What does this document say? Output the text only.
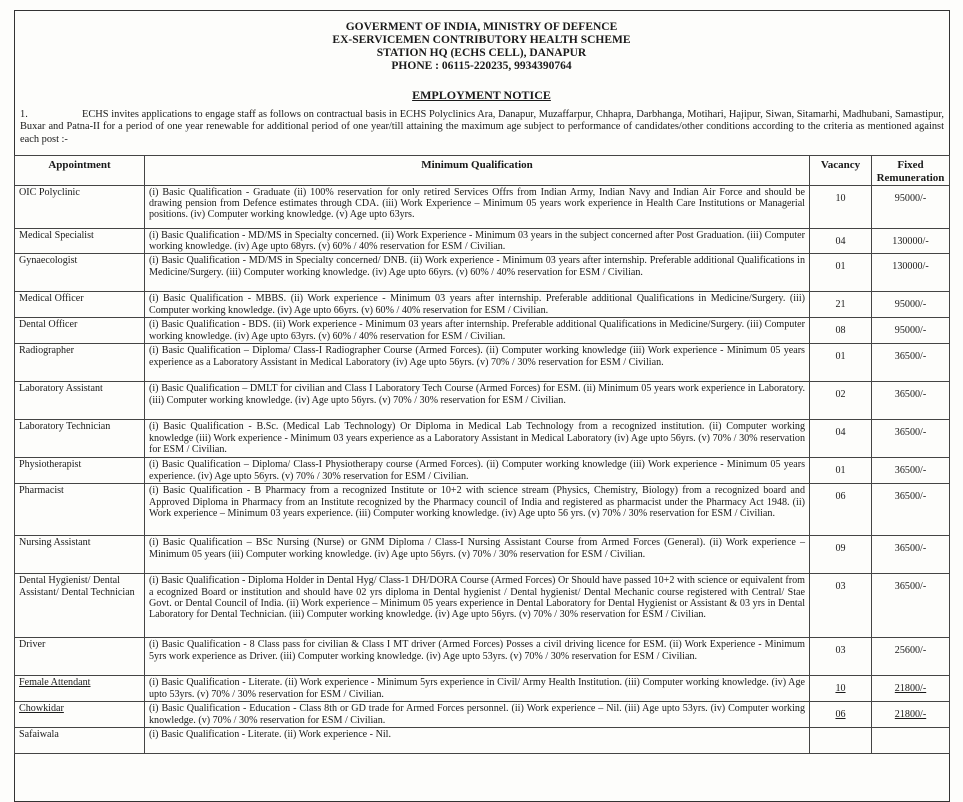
GOVERMENT OF INDIA, MINISTRY OF DEFENCE
EX-SERVICEMEN CONTRIBUTORY HEALTH SCHEME
STATION HQ (ECHS CELL), DANAPUR
PHONE : 06115-220235, 9934390764
EMPLOYMENT NOTICE
1.	ECHS invites applications to engage staff as follows on contractual basis in ECHS Polyclinics Ara, Danapur, Muzaffarpur, Chhapra, Darbhanga, Motihari, Hajipur, Siwan, Sitamarhi, Madhubani, Samastipur, Buxar and Patna-II for a period of one year renewable for additional period of one year/till attaining the maximum age subject to performance of candidates/other conditions according to the criteria as mentioned against each post :-
Appointment	Minimum Qualification	Vacancy	Fixed Remuneration
OIC Polyclinic	(i) Basic Qualification - Graduate (ii) 100% reservation for only retired Services Offrs from Indian Army, Indian Navy and Indian Air Force and should be drawing pension from Defence estimates through CDA. (iii) Work Experience – Minimum 05 years work experience in Health Care Institutions or Managerial positions. (iv) Computer working knowledge. (v) Age upto 63yrs.	10	95000/-
Medical Specialist	(i) Basic Qualification - MD/MS in Specialty concerned. (ii) Work Experience - Minimum 03 years in the subject concerned after Post Graduation. (iii) Computer working knowledge. (iv) Age upto 68yrs. (v) 60% / 40% reservation for ESM / Civilian.	04	130000/-
Gynaecologist	(i) Basic Qualification - MD/MS in Specialty concerned/ DNB. (ii) Work experience - Minimum 03 years after internship. Preferable additional Qualifications in Medicine/Surgery. (iii) Computer working knowledge. (iv) Age upto 66yrs. (v) 60% / 40% reservation for ESM / Civilian.	01	130000/-
Medical Officer	(i) Basic Qualification - MBBS. (ii) Work experience - Minimum 03 years after internship. Preferable additional Qualifications in Medicine/Surgery. (iii) Computer working knowledge. (iv) Age upto 66yrs. (v) 60% / 40% reservation for ESM / Civilian.	21	95000/-
Dental Officer	(i) Basic Qualification - BDS. (ii) Work experience - Minimum 03 years after internship. Preferable additional Qualifications in Medicine/Surgery. (iii) Computer working knowledge. (iv) Age upto 63yrs. (v) 60% / 40% reservation for ESM / Civilian.	08	95000/-
Radiographer	(i) Basic Qualification – Diploma/ Class-I Radiographer Course (Armed Forces). (ii) Computer working knowledge (iii) Work experience - Minimum 05 years experience as a Laboratory Assistant in Medical Laboratory (iv) Age upto 56yrs. (v) 70% / 30% reservation for ESM / Civilian.	01	36500/-
Laboratory Assistant	(i) Basic Qualification – DMLT for civilian and Class I Laboratory Tech Course (Armed Forces) for ESM. (ii) Minimum 05 years work experience in Laboratory. (iii) Computer working knowledge. (iv) Age upto 56yrs. (v) 70% / 30% reservation for ESM / Civilian.	02	36500/-
Laboratory Technician	(i) Basic Qualification - B.Sc. (Medical Lab Technology) Or Diploma in Medical Lab Technology from a recognized institution. (ii) Computer working knowledge (iii) Work experience - Minimum 03 years experience as a Laboratory Assistant in Medical Laboratory (iv) Age upto 56yrs. (v) 70% / 30% reservation for ESM / Civilian.	04	36500/-
Physiotherapist	(i) Basic Qualification – Diploma/ Class-I Physiotherapy course (Armed Forces). (ii) Computer working knowledge (iii) Work experience - Minimum 05 years experience. (iv) Age upto 56yrs. (v) 70% / 30% reservation for ESM / Civilian.	01	36500/-
Pharmacist	(i) Basic Qualification - B Pharmacy from a recognized Institute or 10+2 with science stream (Physics, Chemistry, Biology) from a recognized board and Approved Diploma in Pharmacy from an Institute recognized by the Pharmacy council of India and registered as pharmacist under the Pharmacy Act 1948. (ii) Work experience – Minimum 03 years experience. (iii) Computer working knowledge. (iv) Age upto 56 yrs. (v) 70% / 30% reservation for ESM / Civilian.	06	36500/-
Nursing Assistant	(i) Basic Qualification – BSc Nursing (Nurse) or GNM Diploma / Class-I Nursing Assistant Course from Armed Forces (General). (ii) Work experience – Minimum 05 years (iii) Computer working knowledge. (iv) Age upto 56yrs. (v) 70% / 30% reservation for ESM / Civilian.	09	36500/-
Dental Hygienist/ Dental Assistant/ Dental Technician	(i) Basic Qualification - Diploma Holder in Dental Hyg/ Class-1 DH/DORA Course (Armed Forces) Or Should have passed 10+2 with science or equivalent from a ecognized Board or institution and should have 02 yrs diploma in Dental hygienist / Dental hygienist/ Dental Mechanic course registered with Central/ Stae Govt. or Dental Council of India. (ii) Work experience – Minimum 05 years experience in Dental Laboratory for Dental Hygienist or Assistant & 03 yrs in Dental Laboratory for Dental Technician. (iii) Computer working knowledge. (iv) Age upto 56yrs. (v) 70% / 30% reservation for ESM / Civilian.	03	36500/-
Driver	(i) Basic Qualification - 8 Class pass for civilian & Class I MT driver (Armed Forces) Posses a civil driving licence for ESM. (ii) Work Experience - Minimum 5yrs work experience as Driver. (iii) Computer working knowledge. (iv) Age upto 53yrs. (v) 70% / 30% reservation for ESM / Civilian.	03	25600/-
Female Attendant	(i) Basic Qualification - Literate. (ii) Work experience - Minimum 5yrs experience in Civil/ Army Health Institution. (iii) Computer working knowledge. (iv) Age upto 53yrs. (v) 70% / 30% reservation for ESM / Civilian.	10	21800/-
Chowkidar	(i) Basic Qualification - Education - Class 8th or GD trade for Armed Forces personnel. (ii) Work experience – Nil. (iii) Age upto 53yrs. (iv) Computer working knowledge. (v) 70% / 30% reservation for ESM / Civilian.	06	21800/-
Safaiwala	(i) Basic Qualification - Literate. (ii) Work experience - Nil.		
